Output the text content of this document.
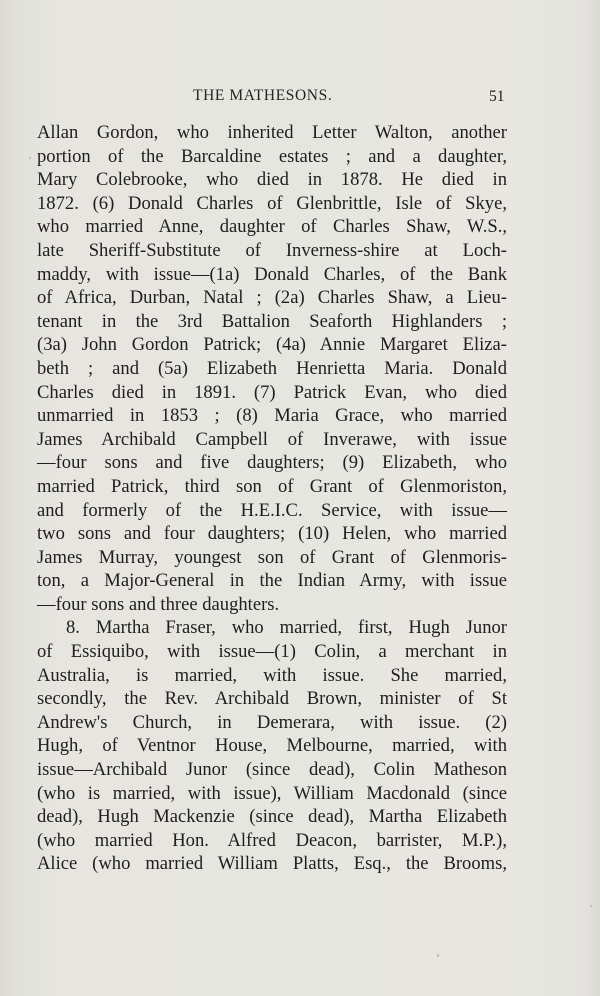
THE MATHESONS.	51
Allan Gordon, who inherited Letter Walton, another
portion of the Barcaldine estates ; and a daughter,
Mary Colebrooke, who died in 1878. He died in
1872. (6) Donald Charles of Glenbrittle, Isle of Skye,
who married Anne, daughter of Charles Shaw, W.S.,
late Sheriff-Substitute of Inverness-shire at Loch-
maddy, with issue—(1a) Donald Charles, of the Bank
of Africa, Durban, Natal ; (2a) Charles Shaw, a Lieu-
tenant in the 3rd Battalion Seaforth Highlanders ;
(3a) John Gordon Patrick; (4a) Annie Margaret Eliza-
beth ; and (5a) Elizabeth Henrietta Maria. Donald
Charles died in 1891. (7) Patrick Evan, who died
unmarried in 1853 ; (8) Maria Grace, who married
James Archibald Campbell of Inverawe, with issue
—four sons and five daughters; (9) Elizabeth, who
married Patrick, third son of Grant of Glenmoriston,
and formerly of the H.E.I.C. Service, with issue—
two sons and four daughters; (10) Helen, who married
James Murray, youngest son of Grant of Glenmoris-
ton, a Major-General in the Indian Army, with issue
—four sons and three daughters.
8. Martha Fraser, who married, first, Hugh Junor
of Essiquibo, with issue—(1) Colin, a merchant in
Australia, is married, with issue. She married,
secondly, the Rev. Archibald Brown, minister of St
Andrew's Church, in Demerara, with issue. (2)
Hugh, of Ventnor House, Melbourne, married, with
issue—Archibald Junor (since dead), Colin Matheson
(who is married, with issue), William Macdonald (since
dead), Hugh Mackenzie (since dead), Martha Elizabeth
(who married Hon. Alfred Deacon, barrister, M.P.),
Alice (who married William Platts, Esq., the Brooms,
